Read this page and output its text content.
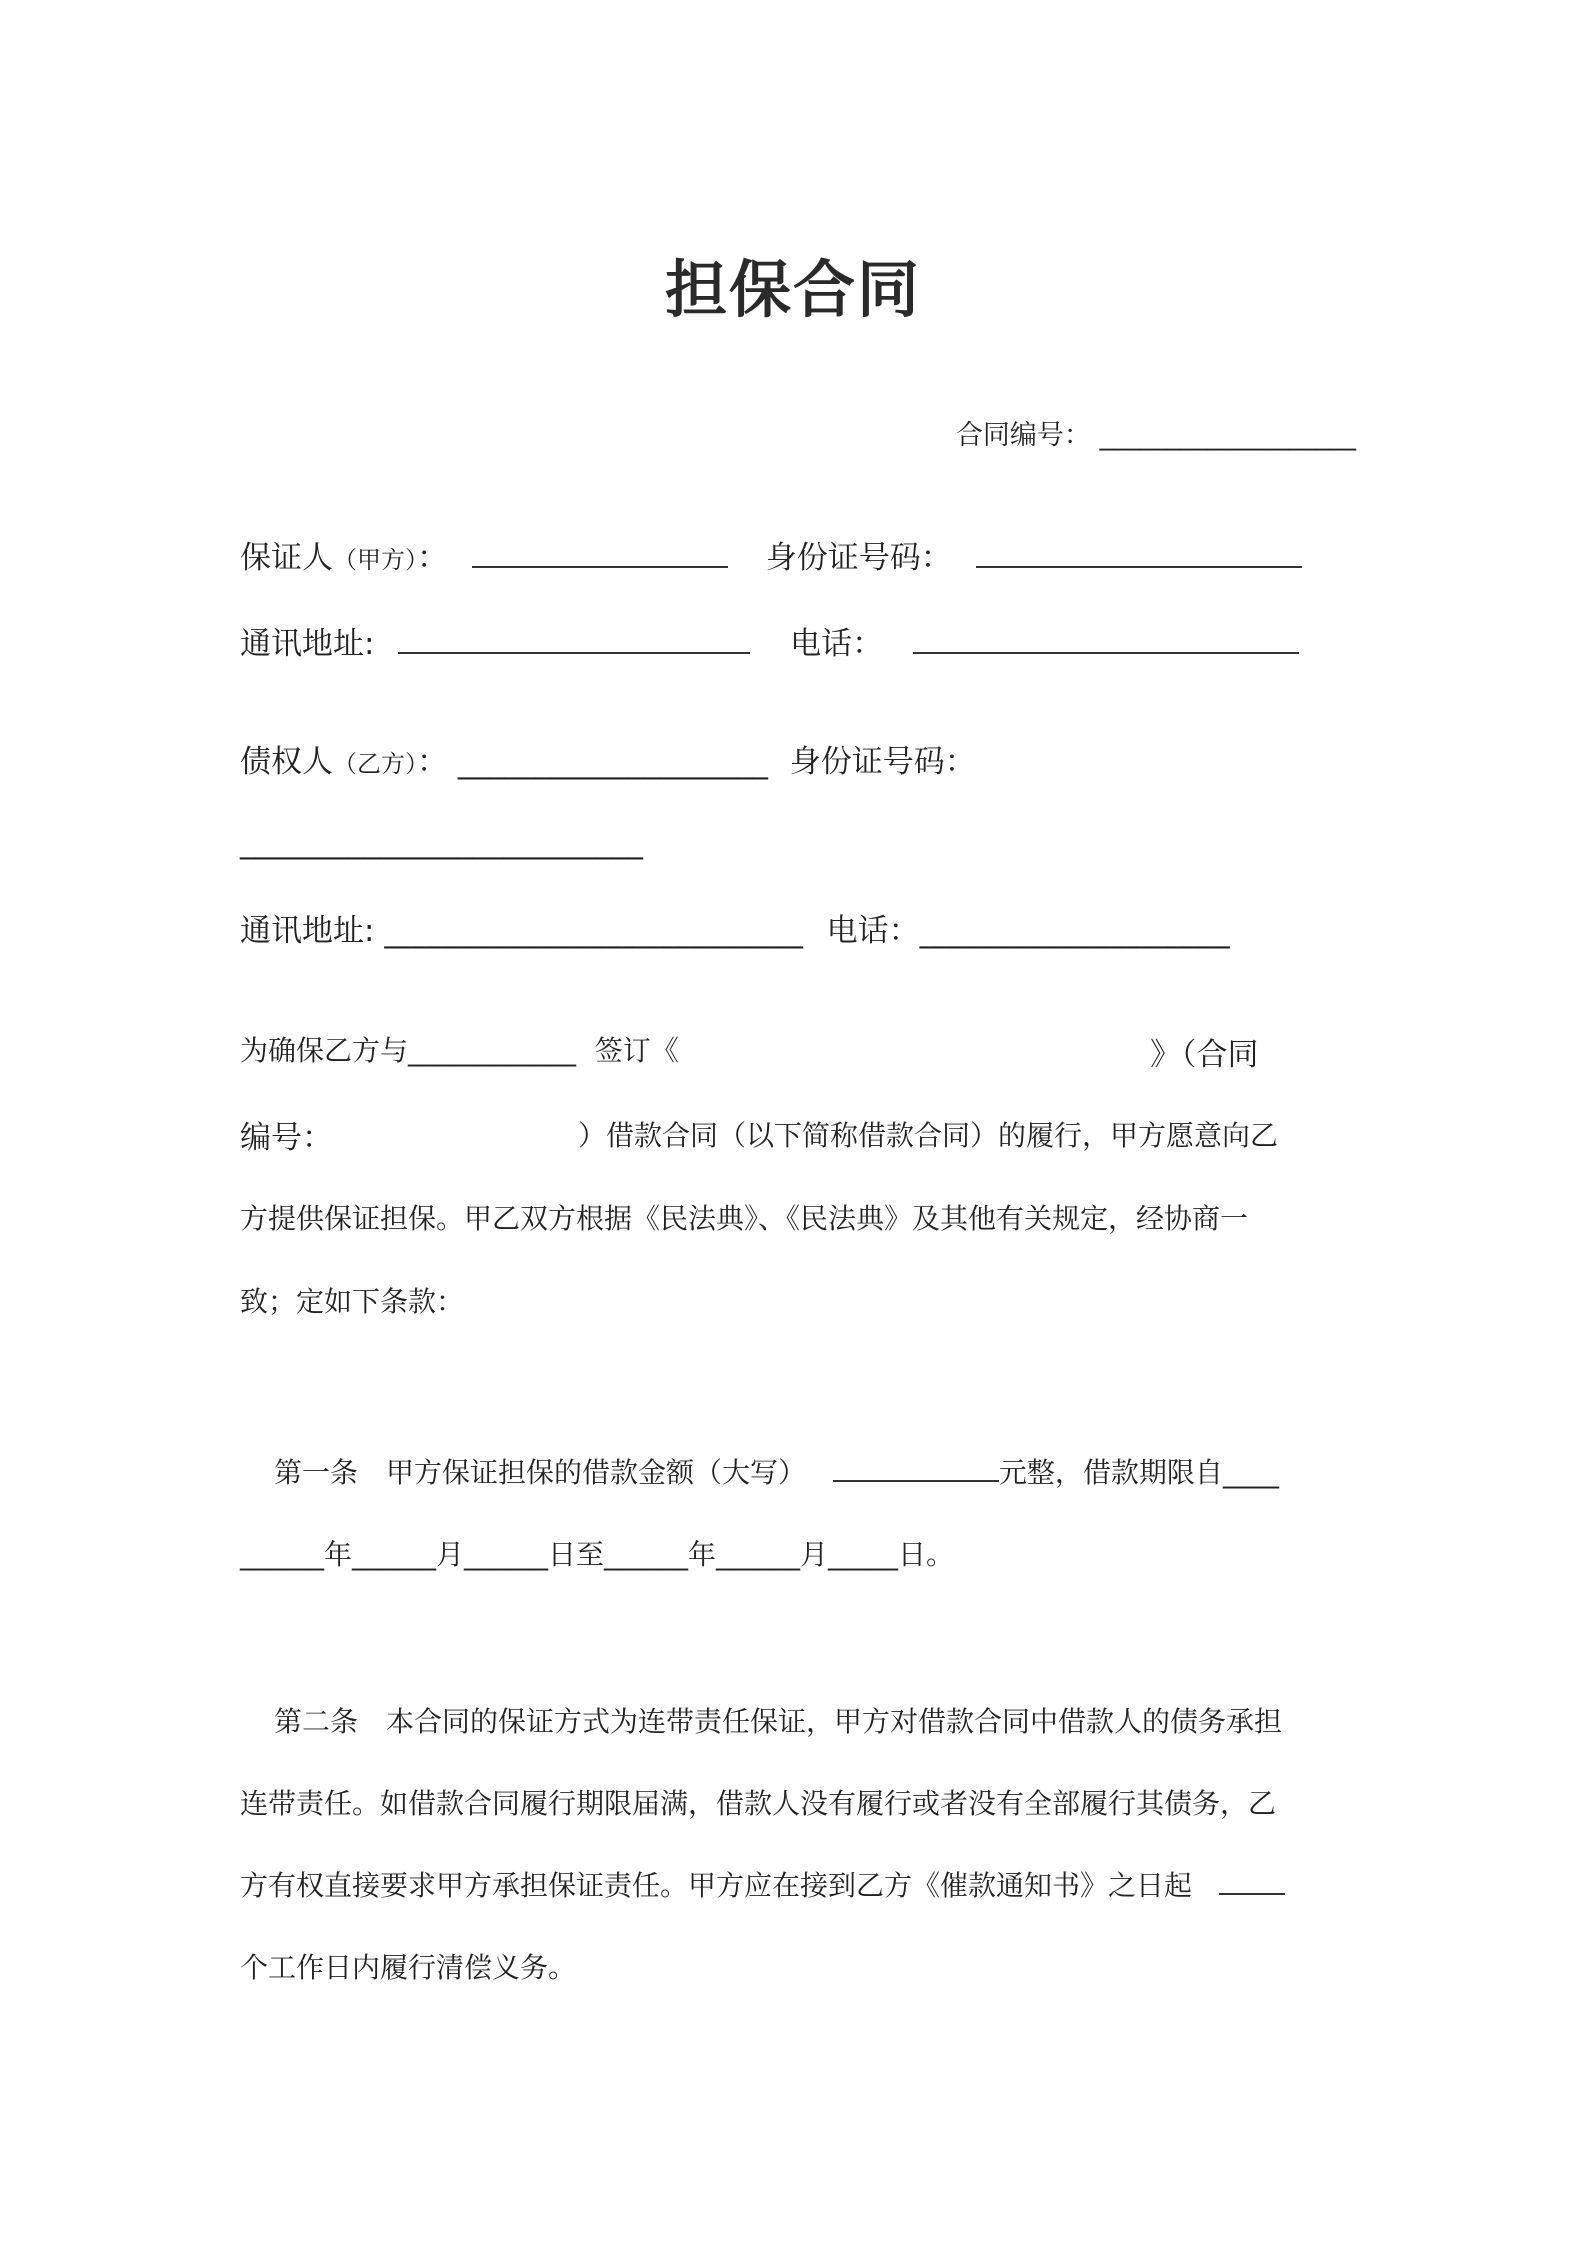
担保合同
合同编号： ___________________
保证人（甲方）：	身份证号码：
通讯地址:	电话：
债权人（乙方）： ____________________ 身份证号码：
__________________________
通讯地址: ___________________________ 电话：____________________
为确保乙方与____________ 签订《	》（合同
编号：	）借款合同（以下简称借款合同）的履行，甲方愿意向乙
方提供保证担保。甲乙双方根据《民法典》、《民法典》及其他有关规定，经协商一
致；定如下条款：
第一条　甲方保证担保的借款金额（大写）	元整，借款期限自____
______年______月______日至______年______月_____日。
第二条　本合同的保证方式为连带责任保证，甲方对借款合同中借款人的债务承担
连带责任。如借款合同履行期限届满，借款人没有履行或者没有全部履行其债务，乙
方有权直接要求甲方承担保证责任。甲方应在接到乙方《催款通知书》之日起
个工作日内履行清偿义务。
